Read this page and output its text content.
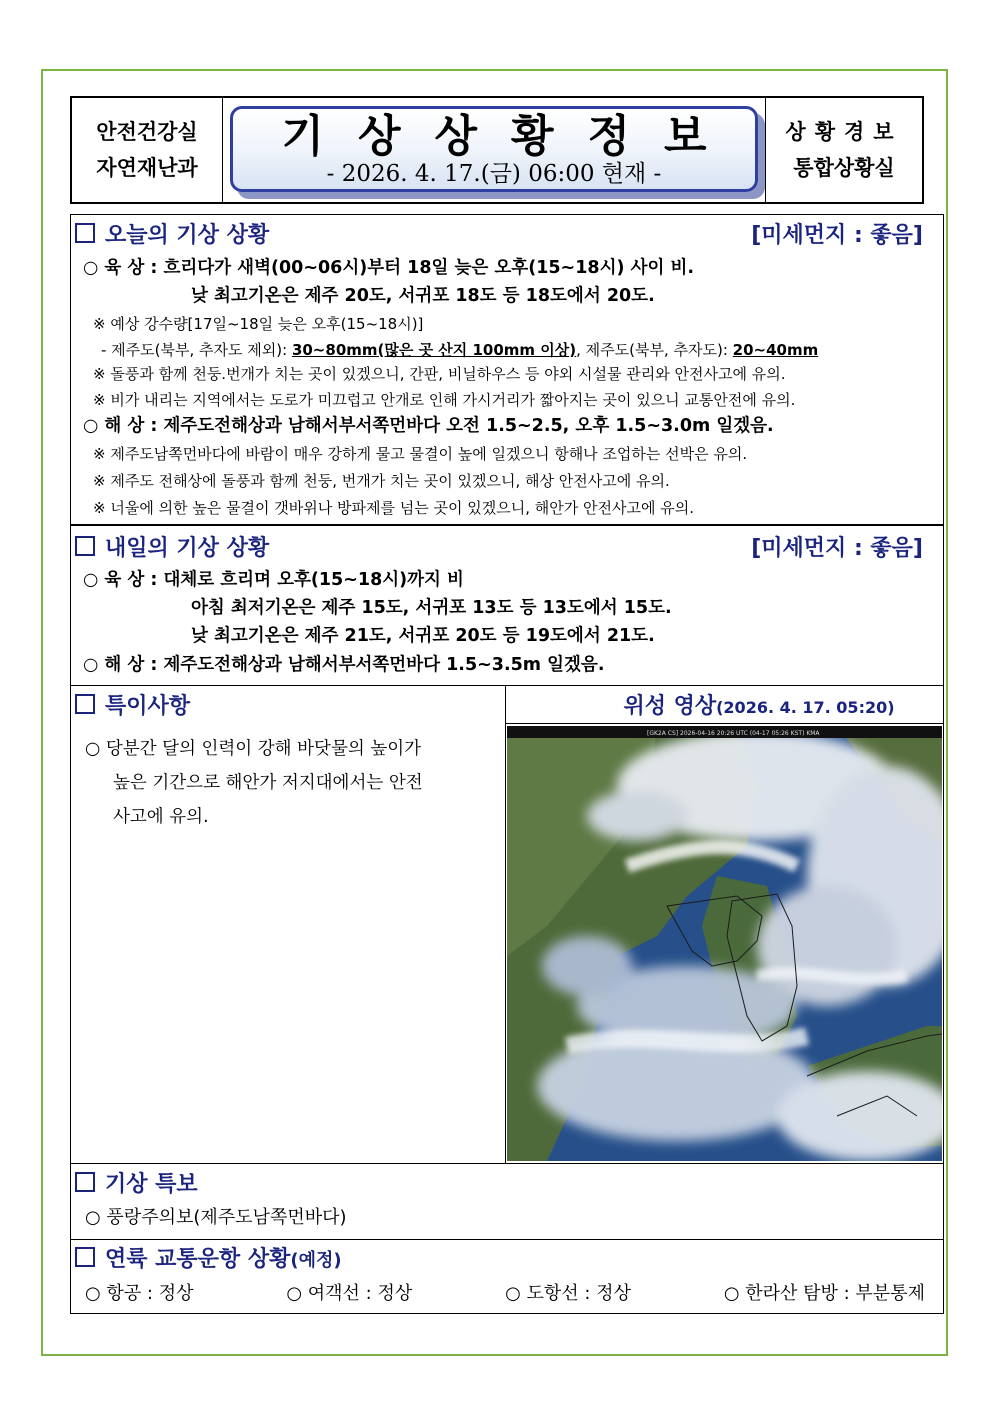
안전건강실
자연재난과
기상상황정보
- 2026. 4. 17.(금) 06:00 현재 -
상황경보
통합상황실
오늘의 기상 상황	[미세먼지 : 좋음]
○ 육 상 : 흐리다가 새벽(00~06시)부터 18일 늦은 오후(15~18시) 사이 비.
낮 최고기온은 제주 20도, 서귀포 18도 등 18도에서 20도.
※ 예상 강수량[17일~18일 늦은 오후(15~18시)]
- 제주도(북부, 추자도 제외): 30~80mm(많은 곳 산지 100mm 이상), 제주도(북부, 추자도): 20~40mm
※ 돌풍과 함께 천둥.번개가 치는 곳이 있겠으니, 간판, 비닐하우스 등 야외 시설물 관리와 안전사고에 유의.
※ 비가 내리는 지역에서는 도로가 미끄럽고 안개로 인해 가시거리가 짧아지는 곳이 있으니 교통안전에 유의.
○ 해 상 : 제주도전해상과 남해서부서쪽먼바다 오전 1.5~2.5, 오후 1.5~3.0m 일겠음.
※ 제주도남쪽먼바다에 바람이 매우 강하게 물고 물결이 높에 일겠으니 항해나 조업하는 선박은 유의.
※ 제주도 전해상에 돌풍과 함께 천둥, 번개가 치는 곳이 있겠으니, 해상 안전사고에 유의.
※ 너울에 의한 높은 물결이 갯바위나 방파제를 넘는 곳이 있겠으니, 해안가 안전사고에 유의.
내일의 기상 상황	[미세먼지 : 좋음]
○ 육 상 : 대체로 흐리며 오후(15~18시)까지 비
아침 최저기온은 제주 15도, 서귀포 13도 등 13도에서 15도.
낮 최고기온은 제주 21도, 서귀포 20도 등 19도에서 21도.
○ 해 상 : 제주도전해상과 남해서부서쪽먼바다 1.5~3.5m 일겠음.
특이사항
○ 당분간 달의 인력이 강해 바닷물의 높이가
높은 기간으로 해안가 저지대에서는 안전
사고에 유의.
위성 영상(2026. 4. 17. 05:20)
[GK2A CS] 2026-04-16 20:26 UTC (04-17 05:26 KST) KMA
기상 특보
○ 풍랑주의보(제주도남쪽먼바다)
연륙 교통운항 상황(예정)
○ 항공 : 정상	○ 여객선 : 정상	○ 도항선 : 정상	○ 한라산 탐방 : 부분통제
